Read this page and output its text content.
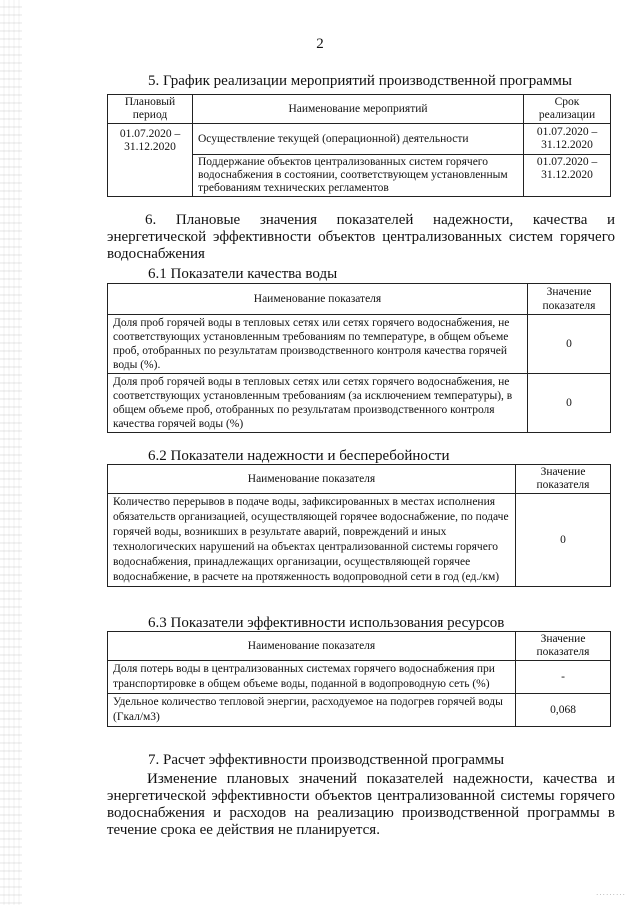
2
5. График реализации мероприятий производственной программы
Плановый период	Наименование мероприятий	Срок реализации
01.07.2020 – 31.12.2020	Осуществление текущей (операционной) деятельности	01.07.2020 – 31.12.2020
	Поддержание объектов централизованных систем горячего водоснабжения в состоянии, соответствующем установленным требованиям технических регламентов	01.07.2020 – 31.12.2020
6. Плановые значения показателей надежности, качества и энергетической эффективности объектов централизованных систем горячего водоснабжения
6.1 Показатели качества воды
Наименование показателя	Значение показателя
Доля проб горячей воды в тепловых сетях или сетях горячего водоснабжения, не соответствующих установленным требованиям по температуре, в общем объеме проб, отобранных по результатам производственного контроля качества горячей воды (%).	0
Доля проб горячей воды в тепловых сетях или сетях горячего водоснабжения, не соответствующих установленным требованиям (за исключением температуры), в общем объеме проб, отобранных по результатам производственного контроля качества горячей воды (%)	0
6.2 Показатели надежности и бесперебойности
Наименование показателя	Значение показателя
Количество перерывов в подаче воды, зафиксированных в местах исполнения обязательств организацией, осуществляющей горячее водоснабжение, по подаче горячей воды, возникших в результате аварий, повреждений и иных технологических нарушений на объектах централизованной системы горячего водоснабжения, принадлежащих организации, осуществляющей горячее водоснабжение, в расчете на протяженность водопроводной сети в год (ед./км)	0
6.3 Показатели эффективности использования ресурсов
Наименование показателя	Значение показателя
Доля потерь воды в централизованных системах горячего водоснабжения при транспортировке в общем объеме воды, поданной в водопроводную сеть (%)	-
Удельное количество тепловой энергии, расходуемое на подогрев горячей воды (Гкал/м3)	0,068
7. Расчет эффективности производственной программы
Изменение плановых значений показателей надежности, качества и энергетической эффективности объектов централизованной системы горячего водоснабжения и расходов на реализацию производственной программы в течение срока ее действия не планируется.
·········
